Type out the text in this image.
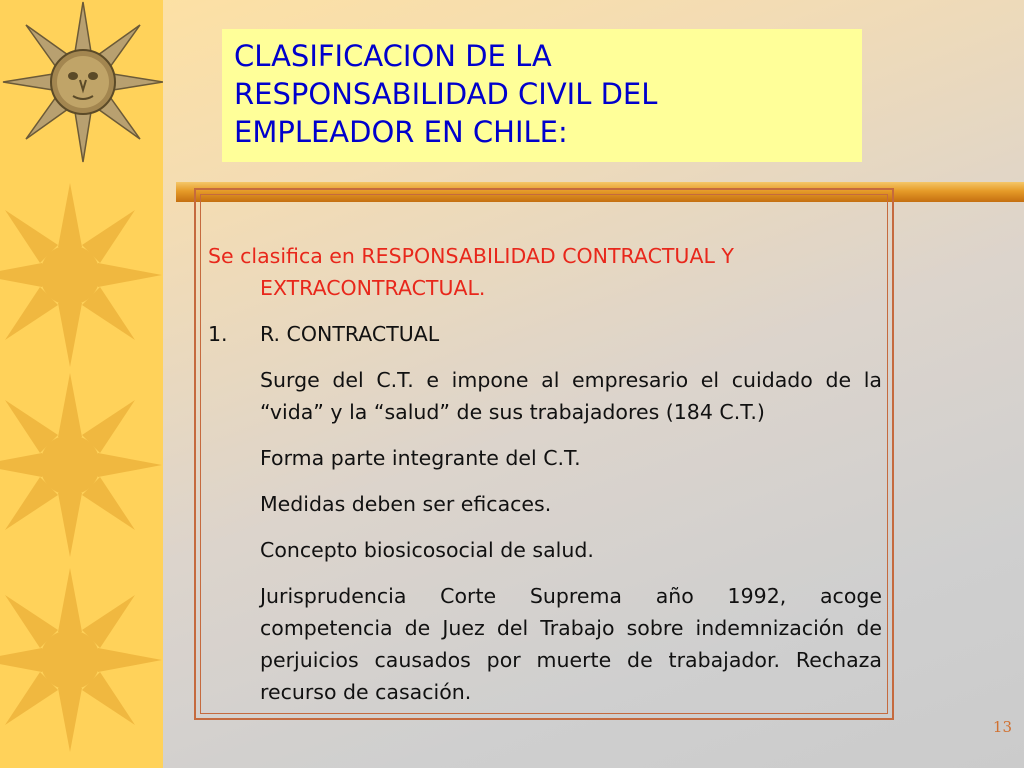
CLASIFICACION DE LA
RESPONSABILIDAD CIVIL DEL
EMPLEADOR EN CHILE:

Se clasifica en RESPONSABILIDAD CONTRACTUAL Y EXTRACONTRACTUAL.

1.	R. CONTRACTUAL

Surge del C.T. e impone al empresario el cuidado de la “vida” y la “salud” de sus trabajadores (184 C.T.)

Forma parte integrante del C.T.

Medidas deben ser eficaces.

Concepto biosicosocial de salud.

Jurisprudencia Corte Suprema año 1992, acoge competencia de Juez del Trabajo sobre indemnización de perjuicios causados por muerte de trabajador. Rechaza recurso de casación.

13
